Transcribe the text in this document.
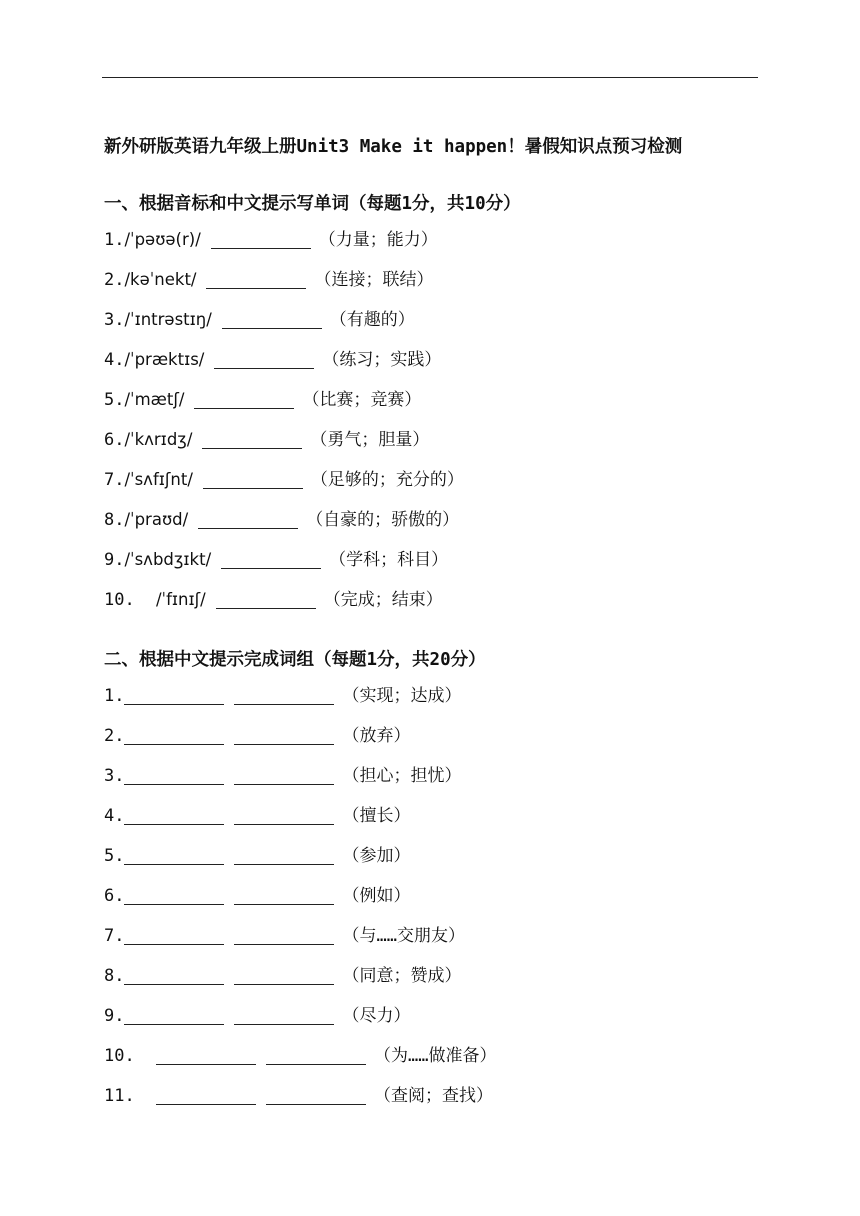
新外研版英语九年级上册Unit3 Make it happen！暑假知识点预习检测
一、根据音标和中文提示写单词（每题1分，共10分）
1. /ˈpəʊə(r)/	（力量；能力）
2. /kəˈnekt/	（连接；联结）
3. /ˈɪntrəstɪŋ/	（有趣的）
4. /ˈpræktɪs/	（练习；实践）
5. /ˈmætʃ/	（比赛；竞赛）
6. /ˈkʌrɪdʒ/	（勇气；胆量）
7. /ˈsʌfɪʃnt/	（足够的；充分的）
8. /ˈpraʊd/	（自豪的；骄傲的）
9. /ˈsʌbdʒɪkt/	（学科；科目）
10.	/ˈfɪnɪʃ/	（完成；结束）
二、根据中文提示完成词组（每题1分，共20分）
1.	（实现；达成）
2.	（放弃）
3.	（担心；担忧）
4.	（擅长）
5.	（参加）
6.	（例如）
7.	（与……交朋友）
8.	（同意；赞成）
9.	（尽力）
10.	（为……做准备）
11.	（查阅；查找）
